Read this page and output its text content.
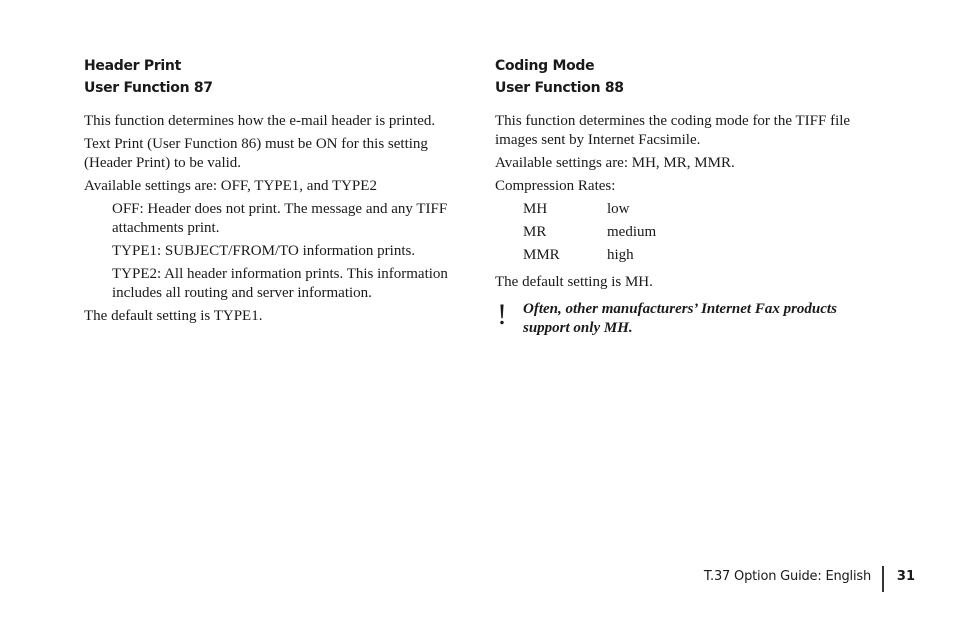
Header Print
User Function 87

This function determines how the e-mail header is printed.

Text Print (User Function 86) must be ON for this setting (Header Print) to be valid.

Available settings are: OFF, TYPE1, and TYPE2

OFF: Header does not print. The message and any TIFF attachments print.

TYPE1: SUBJECT/FROM/TO information prints.

TYPE2: All header information prints. This information includes all routing and server information.

The default setting is TYPE1.

Coding Mode
User Function 88

This function determines the coding mode for the TIFF file images sent by Internet Facsimile.

Available settings are: MH, MR, MMR.

Compression Rates:

MH	low
MR	medium
MMR	high

The default setting is MH.

! Often, other manufacturers’ Internet Fax products support only MH.

T.37 Option Guide: English 31
